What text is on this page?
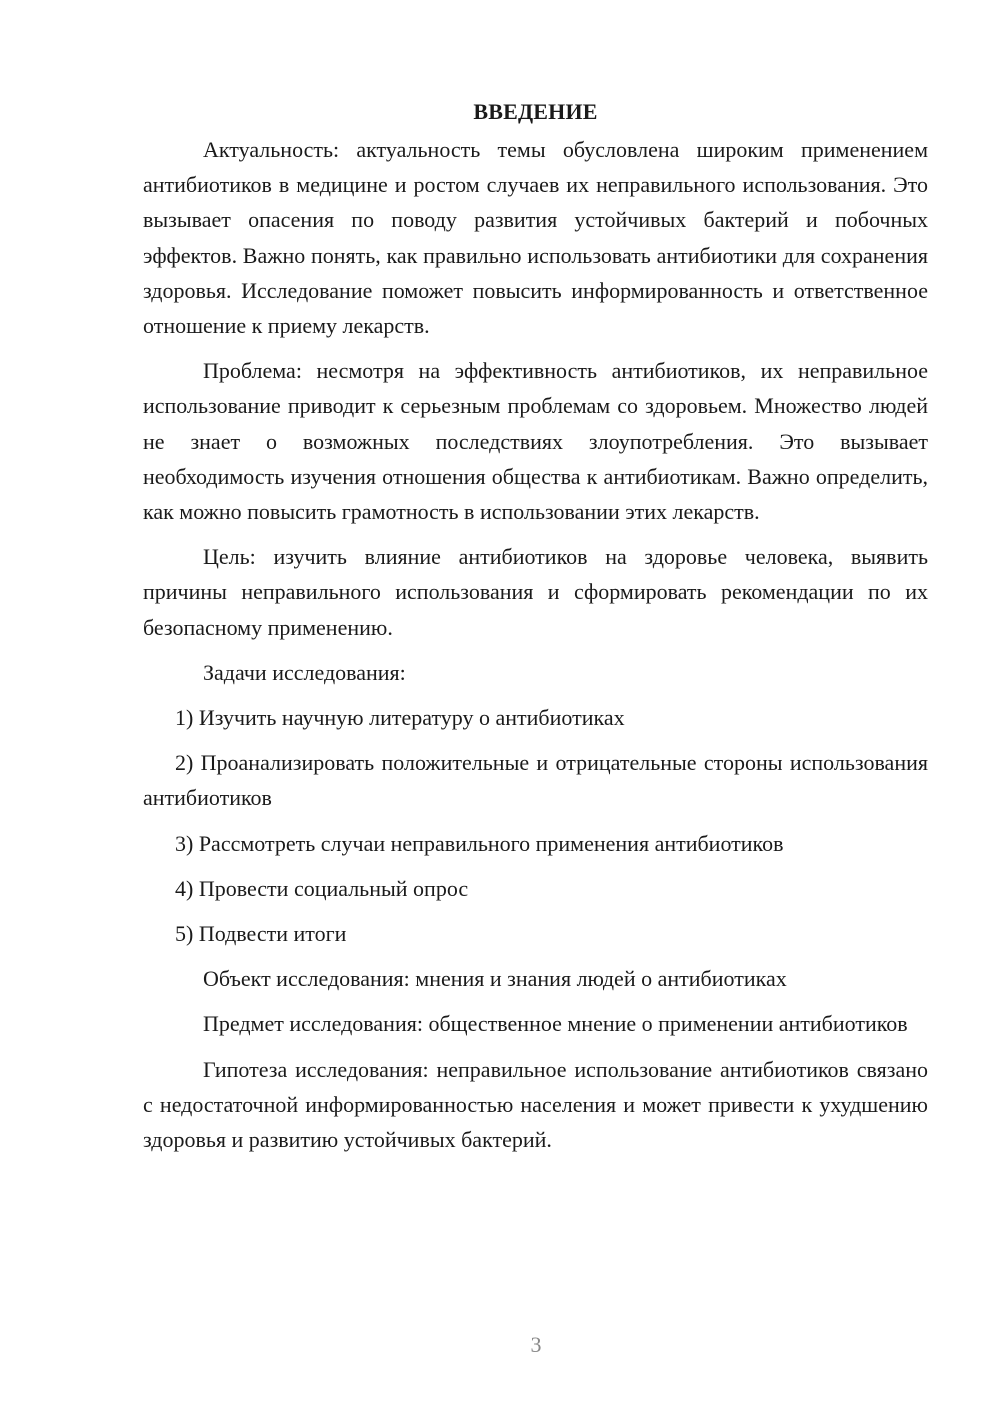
ВВЕДЕНИЕ

Актуальность: актуальность темы обусловлена широким применением антибиотиков в медицине и ростом случаев их неправильного использования. Это вызывает опасения по поводу развития устойчивых бактерий и побочных эффектов. Важно понять, как правильно использовать антибиотики для сохранения здоровья. Исследование поможет повысить информированность и ответственное отношение к приему лекарств.

Проблема: несмотря на эффективность антибиотиков, их неправильное использование приводит к серьезным проблемам со здоровьем. Множество людей не знает о возможных последствиях злоупотребления. Это вызывает необходимость изучения отношения общества к антибиотикам. Важно определить, как можно повысить грамотность в использовании этих лекарств.

Цель: изучить влияние антибиотиков на здоровье человека, выявить причины неправильного использования и сформировать рекомендации по их безопасному применению.

Задачи исследования:

1) Изучить научную литературу о антибиотиках

2) Проанализировать положительные и отрицательные стороны использования антибиотиков

3) Рассмотреть случаи неправильного применения антибиотиков

4) Провести социальный опрос

5) Подвести итоги

Объект исследования: мнения и знания людей о антибиотиках

Предмет исследования: общественное мнение о применении антибиотиков

Гипотеза исследования: неправильное использование антибиотиков связано с недостаточной информированностью населения и может привести к ухудшению здоровья и развитию устойчивых бактерий.

3
